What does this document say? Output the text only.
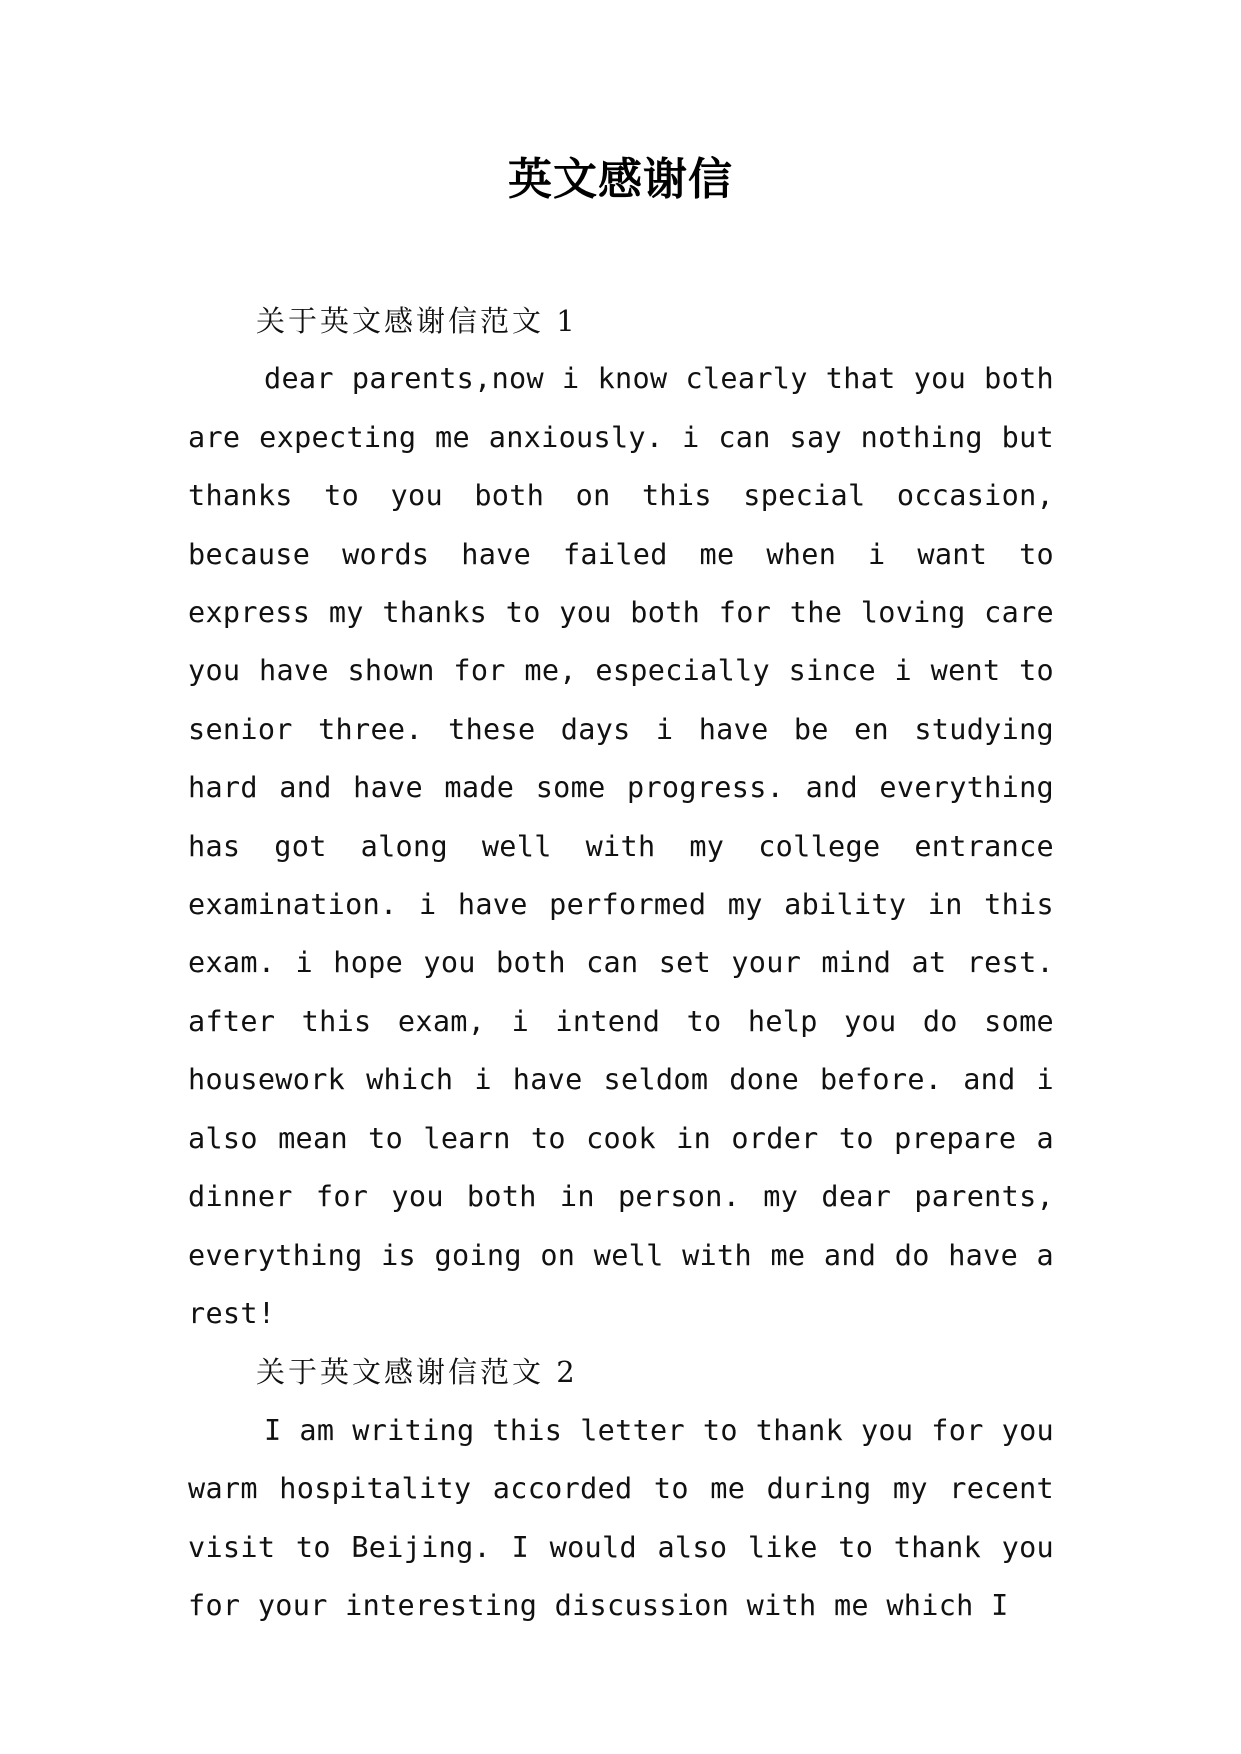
英文感谢信

关于英文感谢信范文 1

dear parents,now i know clearly that you both are expecting me anxiously. i can say nothing but thanks to you both on this special occasion, because words have failed me when i want to express my thanks to you both for the loving care you have shown for me, especially since i went to senior three. these days i have be en studying hard and have made some progress. and everything has got along well with my college entrance examination. i have performed my ability in this exam. i hope you both can set your mind at rest. after this exam, i intend to help you do some housework which i have seldom done before. and i also mean to learn to cook in order to prepare a dinner for you both in person. my dear parents, everything is going on well with me and do have a rest!

关于英文感谢信范文 2

I am writing this letter to thank you for you warm hospitality accorded to me during my recent visit to Beijing. I would also like to thank you for your interesting discussion with me which I
